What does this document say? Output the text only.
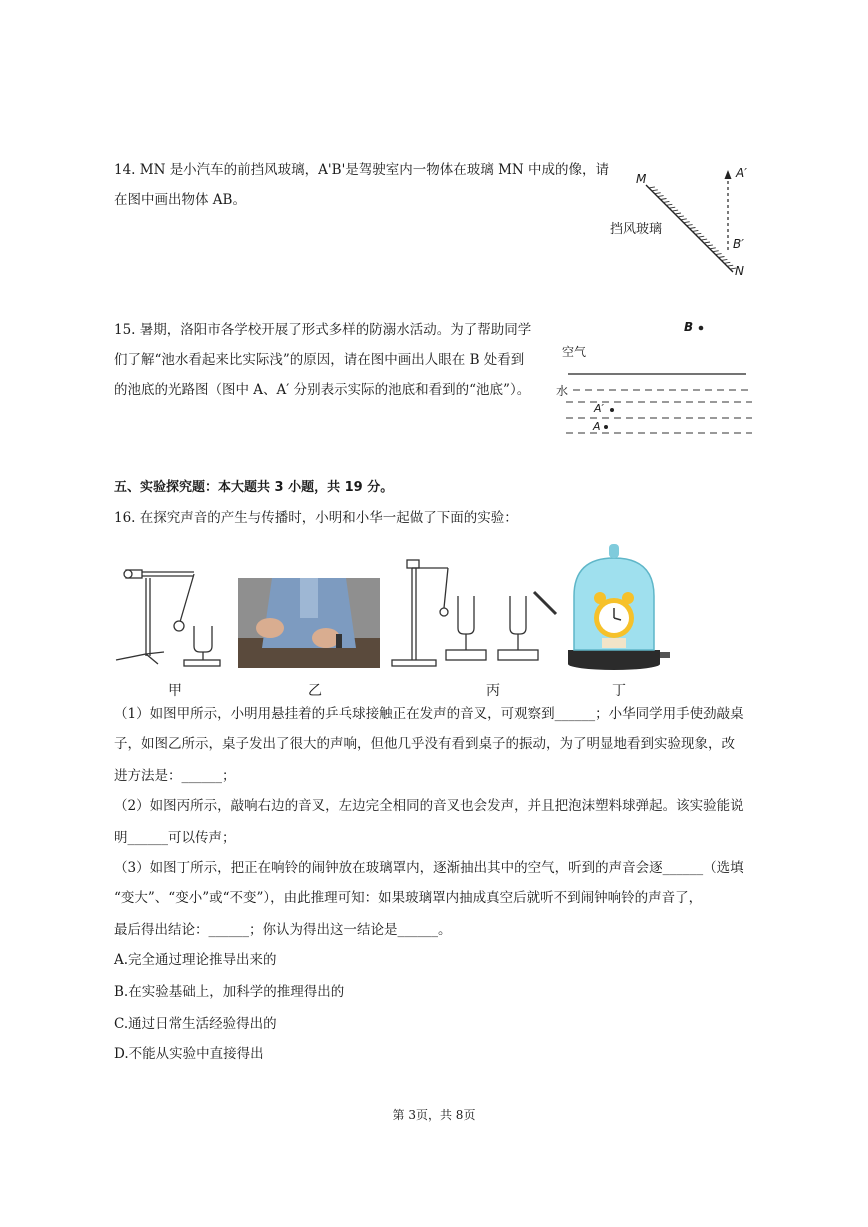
14. MN 是小汽车的前挡风玻璃，A'B'是驾驶室内一物体在玻璃 MN 中成的像，请
在图中画出物体 AB。
M
N
A′
B′
挡风玻璃
15. 暑期，洛阳市各学校开展了形式多样的防溺水活动。为了帮助同学
们了解“池水看起来比实际浅”的原因，请在图中画出人眼在 B 处看到
的池底的光路图（图中 A、A′ 分别表示实际的池底和看到的“池底”）。
B
空气
水
A′
A
五、实验探究题：本大题共 3 小题，共 19 分。
16. 在探究声音的产生与传播时，小明和小华一起做了下面的实验：
甲	乙	丙	丁
（1）如图甲所示，小明用悬挂着的乒乓球接触正在发声的音叉，可观察到______；小华同学用手使劲敲桌
子，如图乙所示，桌子发出了很大的声响，但他几乎没有看到桌子的振动，为了明显地看到实验现象，改
进方法是：______；
（2）如图丙所示，敲响右边的音叉，左边完全相同的音叉也会发声，并且把泡沫塑料球弹起。该实验能说
明______可以传声；
（3）如图丁所示，把正在响铃的闹钟放在玻璃罩内，逐渐抽出其中的空气，听到的声音会逐______（选填
“变大”、“变小”或“不变”），由此推理可知：如果玻璃罩内抽成真空后就听不到闹钟响铃的声音了，
最后得出结论：______；你认为得出这一结论是______。
A.完全通过理论推导出来的
B.在实验基础上，加科学的推理得出的
C.通过日常生活经验得出的
D.不能从实验中直接得出
第 3页，共 8页
